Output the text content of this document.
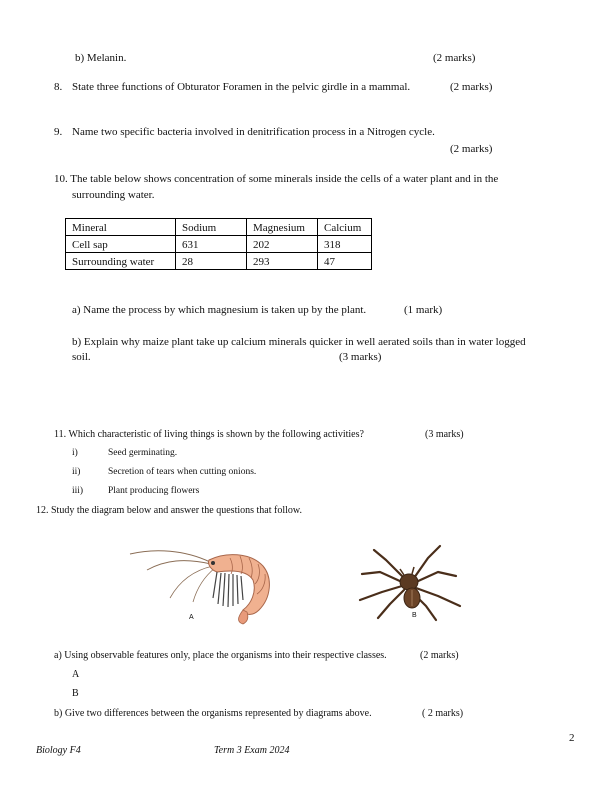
b) Melanin.	(2 marks)
8. State three functions of Obturator Foramen in the pelvic girdle in a mammal.	(2 marks)
9. Name two specific bacteria involved in denitrification process in a Nitrogen cycle.
(2 marks)
10. The table below shows concentration of some minerals inside the cells of a water plant and in the
surrounding water.
Mineral	Sodium	Magnesium	Calcium
Cell sap	631	202	318
Surrounding water	28	293	47
a) Name the process by which magnesium is taken up by the plant.	(1 mark)
b) Explain why maize plant take up calcium minerals quicker in well aerated soils than in water logged
soil.	(3 marks)
11. Which characteristic of living things is shown by the following activities?	(3 marks)
i)	Seed germinating.
ii)	Secretion of tears when cutting onions.
iii)	Plant producing flowers
12. Study the diagram below and answer the questions that follow.
A	B
a) Using observable features only, place the organisms into their respective classes.	(2 marks)
A
B
b) Give two differences between the organisms represented by diagrams above.	( 2 marks)
2
Biology F4	Term 3 Exam 2024
